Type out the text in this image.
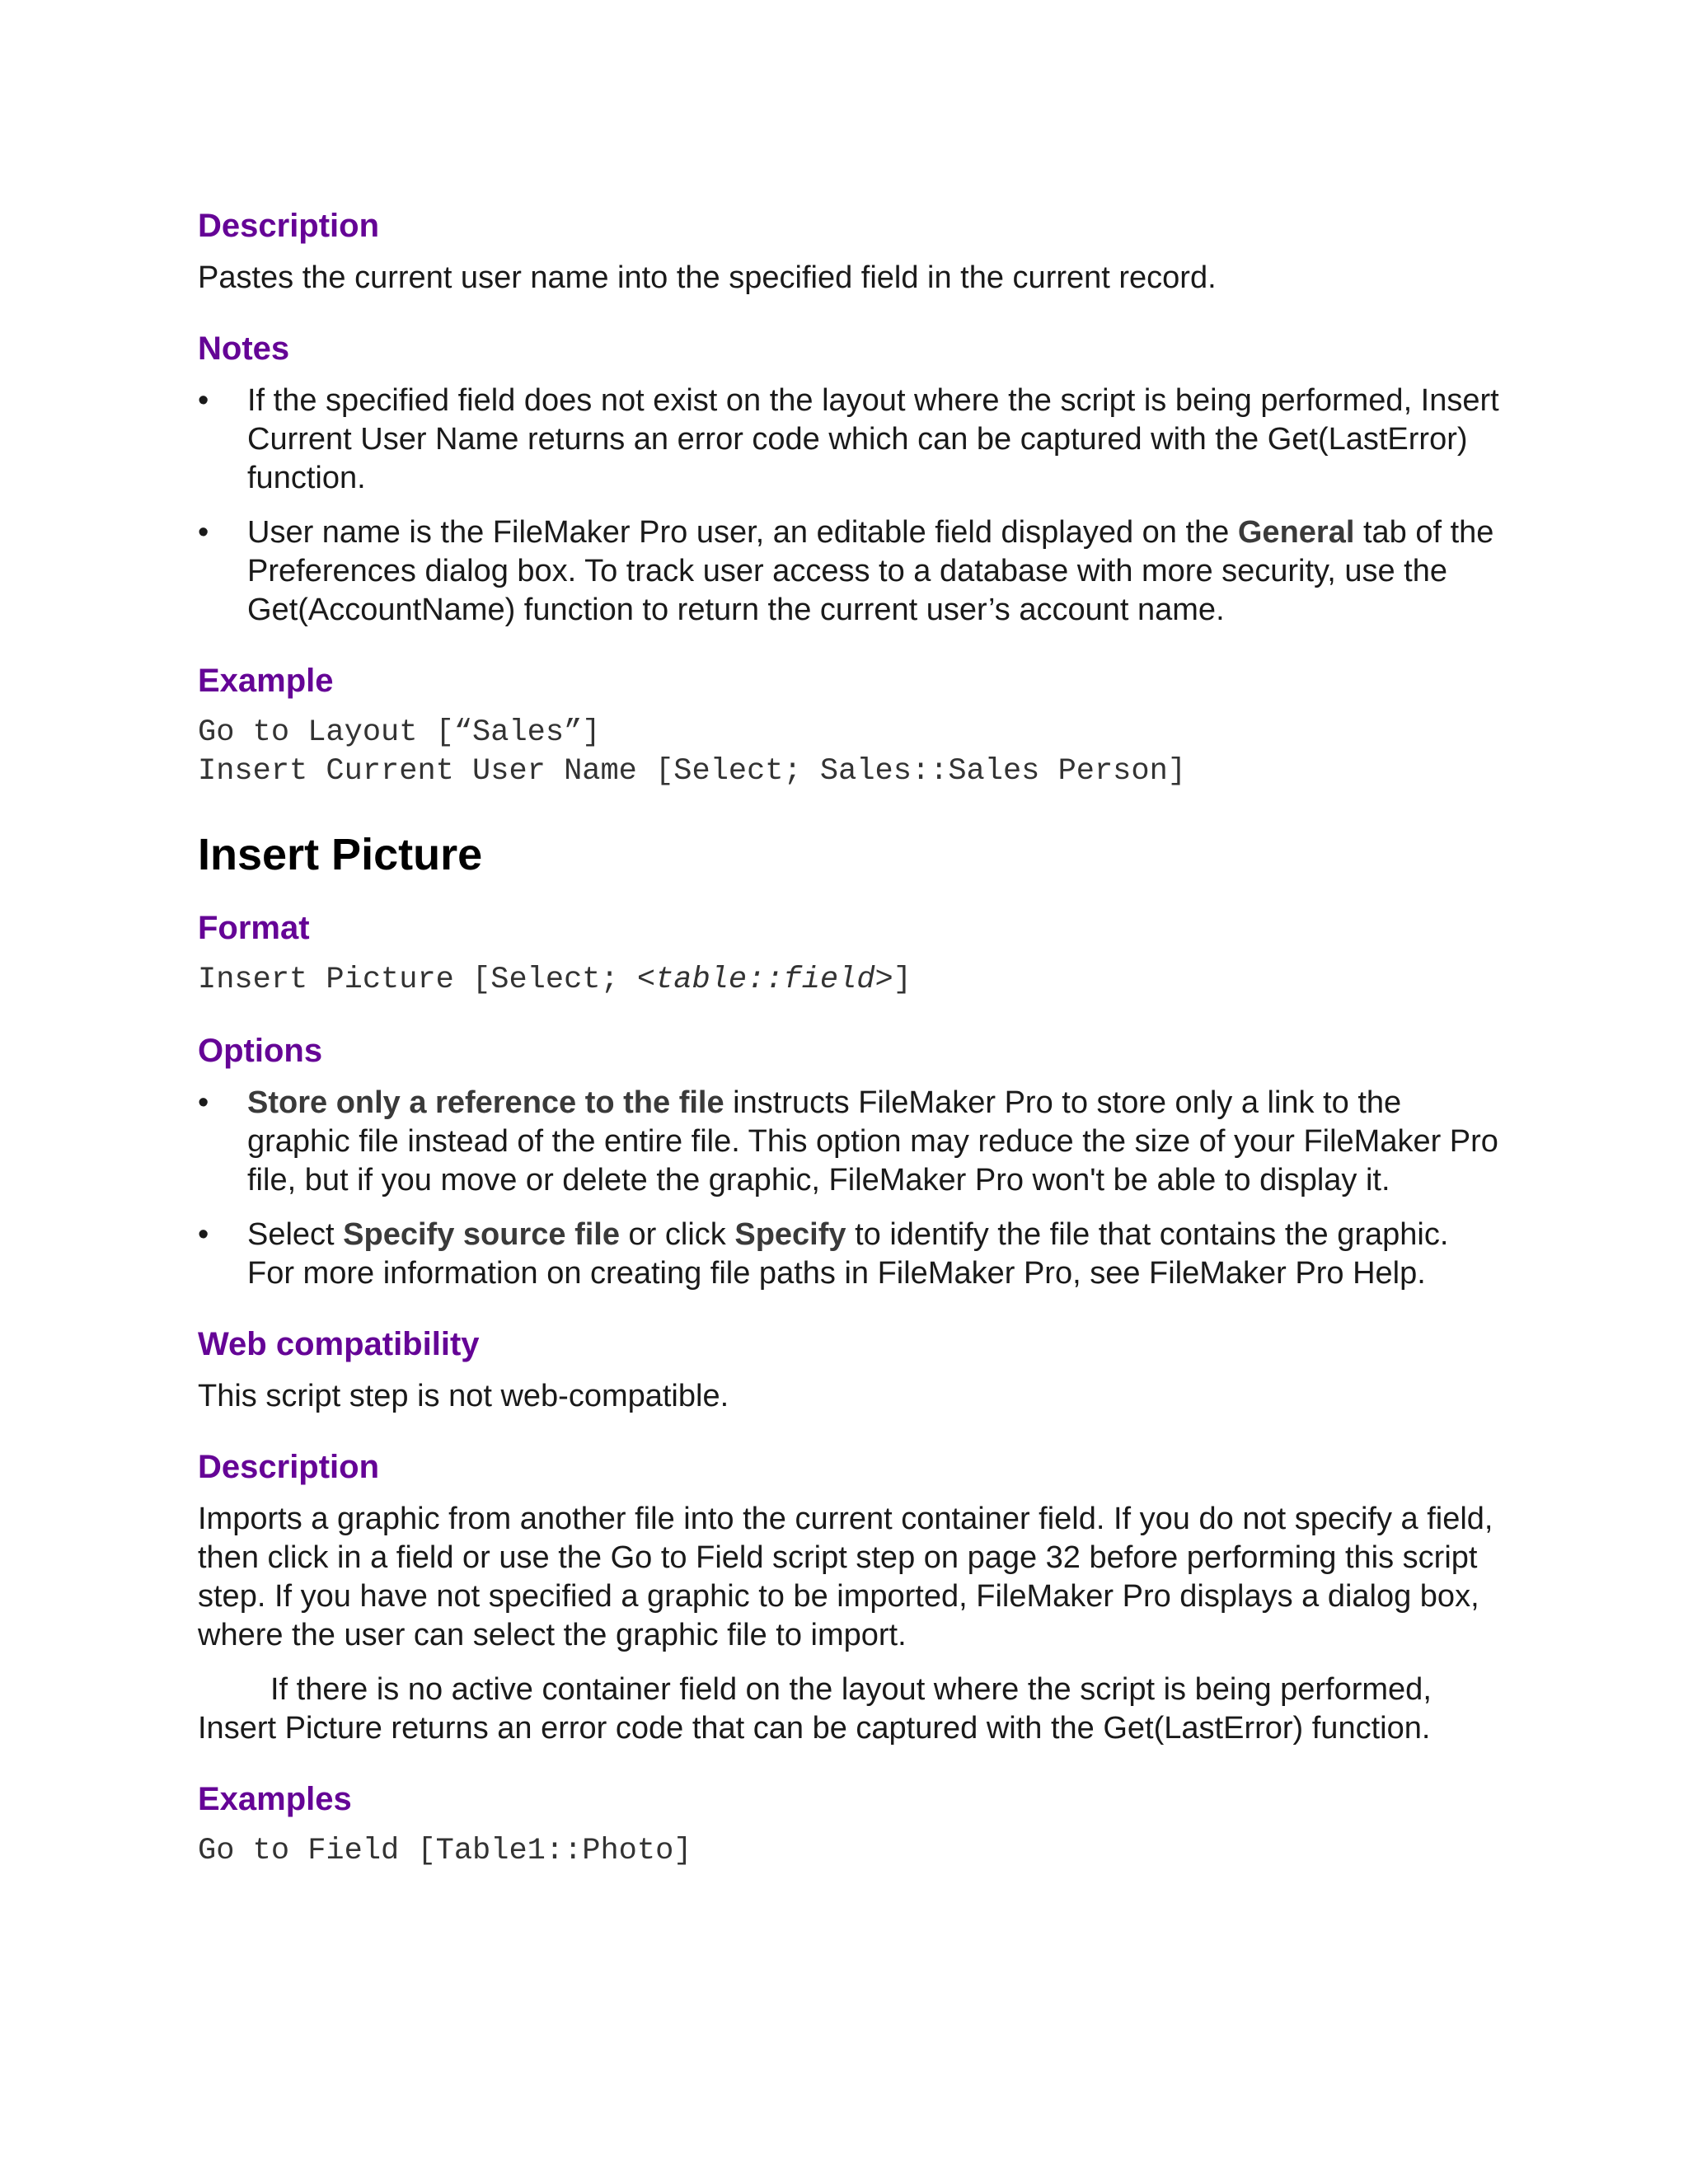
Description

Pastes the current user name into the specified field in the current record.

Notes
• If the specified field does not exist on the layout where the script is being performed, Insert Current User Name returns an error code which can be captured with the Get(LastError) function.
• User name is the FileMaker Pro user, an editable field displayed on the General tab of the Preferences dialog box. To track user access to a database with more security, use the Get(AccountName) function to return the current user’s account name.
Example

Go to Layout [“Sales”]

Insert Current User Name [Select; Sales::Sales Person]

Insert Picture
Format

Insert Picture [Select; <table::field>]

Options
• Store only a reference to the file instructs FileMaker Pro to store only a link to the graphic file instead of the entire file. This option may reduce the size of your FileMaker Pro file, but if you move or delete the graphic, FileMaker Pro won't be able to display it.
• Select Specify source file or click Specify to identify the file that contains the graphic. For more information on creating file paths in FileMaker Pro, see FileMaker Pro Help.
Web compatibility

This script step is not web-compatible.

Description

Imports a graphic from another file into the current container field. If you do not specify a field, then click in a field or use the Go to Field script step on page 32 before performing this script step. If you have not specified a graphic to be imported, FileMaker Pro displays a dialog box, where the user can select the graphic file to import.

If there is no active container field on the layout where the script is being performed, Insert Picture returns an error code that can be captured with the Get(LastError) function.

Examples

Go to Field [Table1::Photo]
